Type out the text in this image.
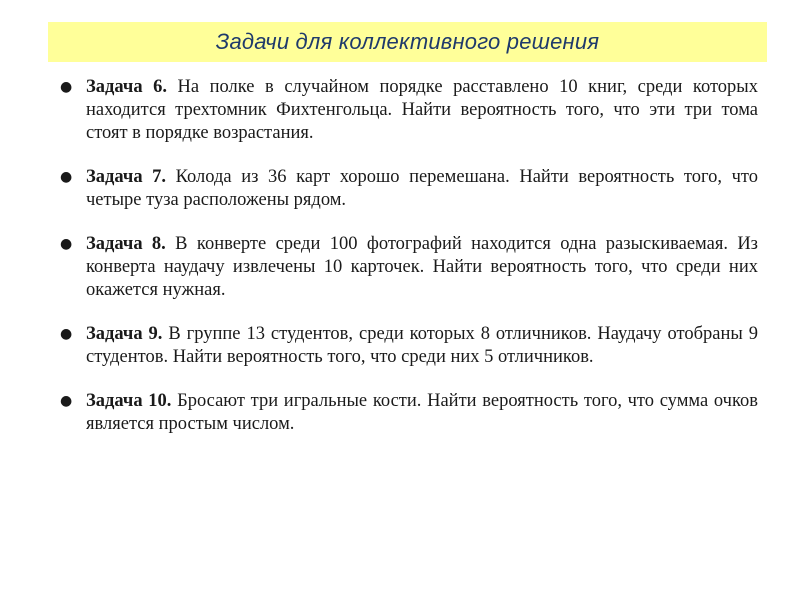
Задачи для коллективного решения
● Задача 6. На полке в случайном порядке расставлено 10 книг, среди которых находится трехтомник Фихтенгольца. Найти вероятность того, что эти три тома стоят в порядке возрастания.
● Задача 7. Колода из 36 карт хорошо перемешана. Найти вероятность того, что четыре туза расположены рядом.
● Задача 8. В конверте среди 100 фотографий находится одна разыскиваемая. Из конверта наудачу извлечены 10 карточек. Найти вероятность того, что среди них окажется нужная.
● Задача 9. В группе 13 студентов, среди которых 8 отличников. Наудачу отобраны 9 студентов. Найти вероятность того, что среди них 5 отличников.
● Задача 10. Бросают три игральные кости. Найти вероятность того, что сумма очков является простым числом.
